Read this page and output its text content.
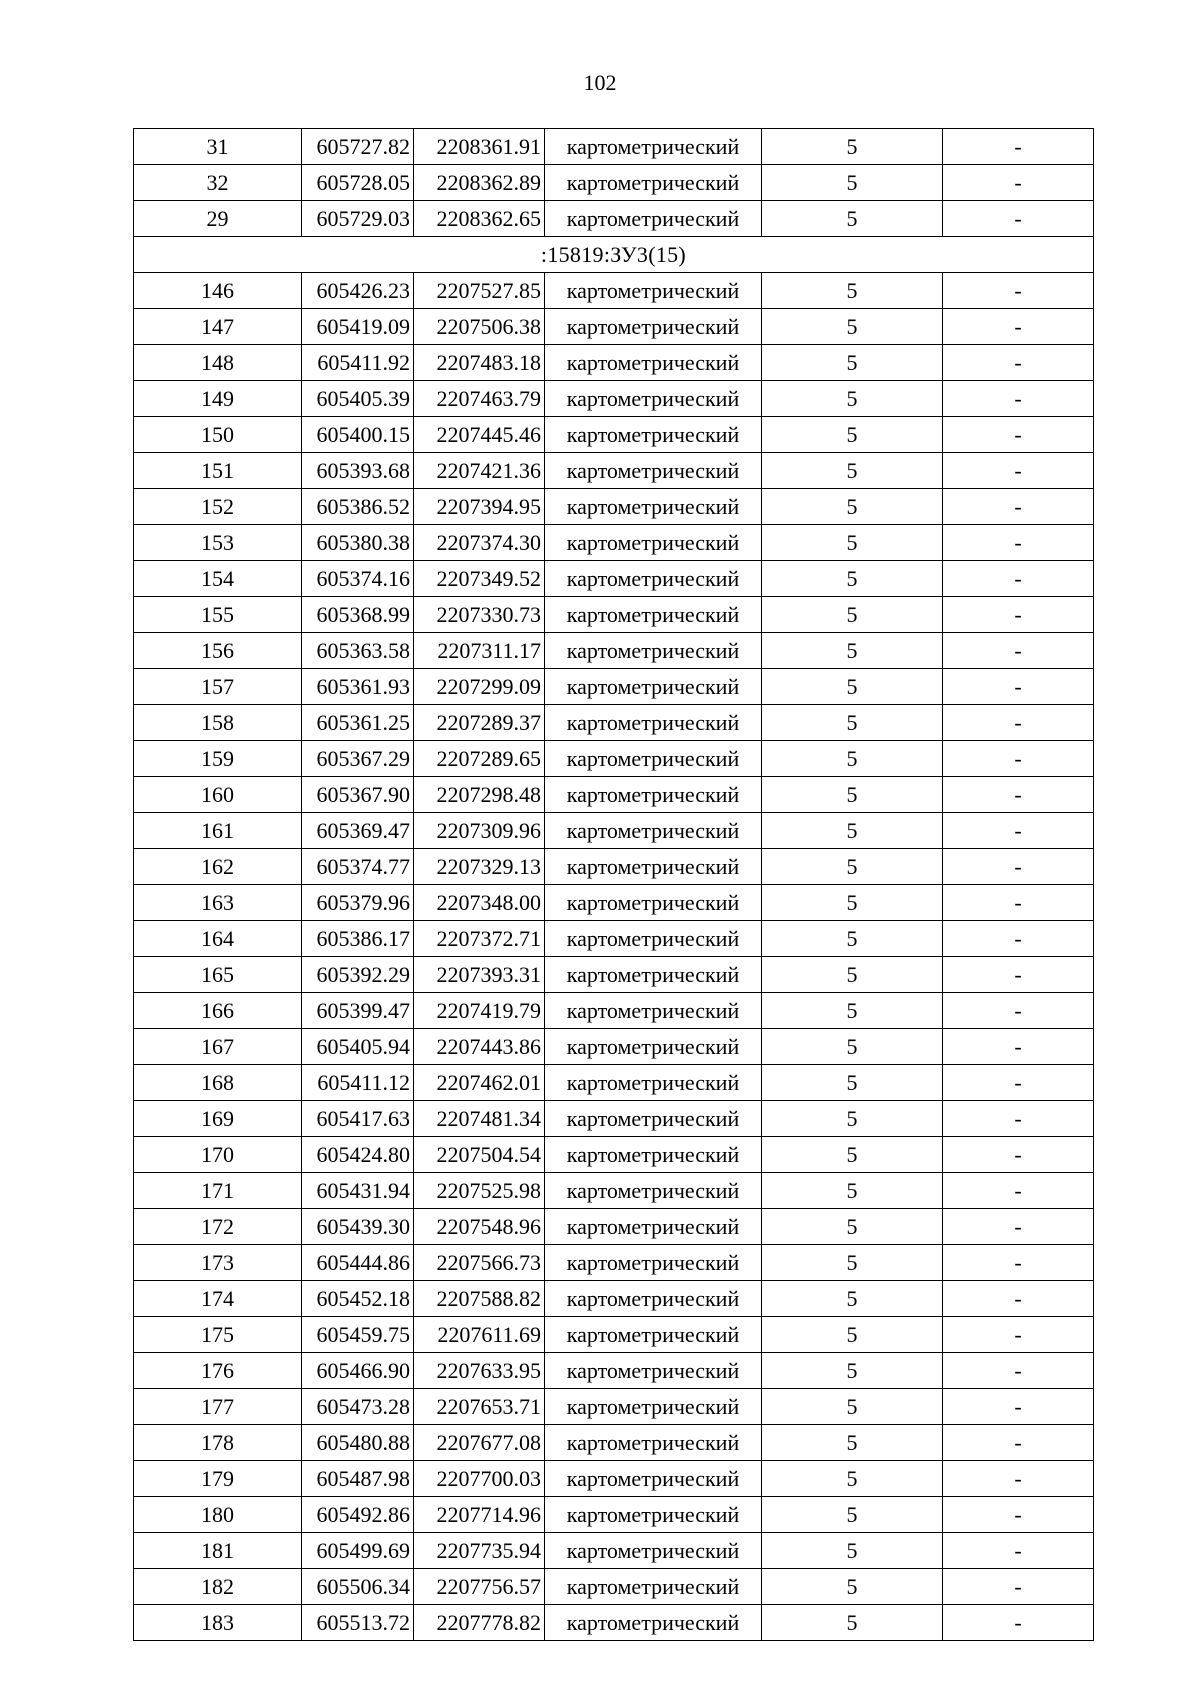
102
31	605727.82	2208361.91	картометрический	5	-
32	605728.05	2208362.89	картометрический	5	-
29	605729.03	2208362.65	картометрический	5	-
:15819:ЗУ3(15)					
146	605426.23	2207527.85	картометрический	5	-
147	605419.09	2207506.38	картометрический	5	-
148	605411.92	2207483.18	картометрический	5	-
149	605405.39	2207463.79	картометрический	5	-
150	605400.15	2207445.46	картометрический	5	-
151	605393.68	2207421.36	картометрический	5	-
152	605386.52	2207394.95	картометрический	5	-
153	605380.38	2207374.30	картометрический	5	-
154	605374.16	2207349.52	картометрический	5	-
155	605368.99	2207330.73	картометрический	5	-
156	605363.58	2207311.17	картометрический	5	-
157	605361.93	2207299.09	картометрический	5	-
158	605361.25	2207289.37	картометрический	5	-
159	605367.29	2207289.65	картометрический	5	-
160	605367.90	2207298.48	картометрический	5	-
161	605369.47	2207309.96	картометрический	5	-
162	605374.77	2207329.13	картометрический	5	-
163	605379.96	2207348.00	картометрический	5	-
164	605386.17	2207372.71	картометрический	5	-
165	605392.29	2207393.31	картометрический	5	-
166	605399.47	2207419.79	картометрический	5	-
167	605405.94	2207443.86	картометрический	5	-
168	605411.12	2207462.01	картометрический	5	-
169	605417.63	2207481.34	картометрический	5	-
170	605424.80	2207504.54	картометрический	5	-
171	605431.94	2207525.98	картометрический	5	-
172	605439.30	2207548.96	картометрический	5	-
173	605444.86	2207566.73	картометрический	5	-
174	605452.18	2207588.82	картометрический	5	-
175	605459.75	2207611.69	картометрический	5	-
176	605466.90	2207633.95	картометрический	5	-
177	605473.28	2207653.71	картометрический	5	-
178	605480.88	2207677.08	картометрический	5	-
179	605487.98	2207700.03	картометрический	5	-
180	605492.86	2207714.96	картометрический	5	-
181	605499.69	2207735.94	картометрический	5	-
182	605506.34	2207756.57	картометрический	5	-
183	605513.72	2207778.82	картометрический	5	-
